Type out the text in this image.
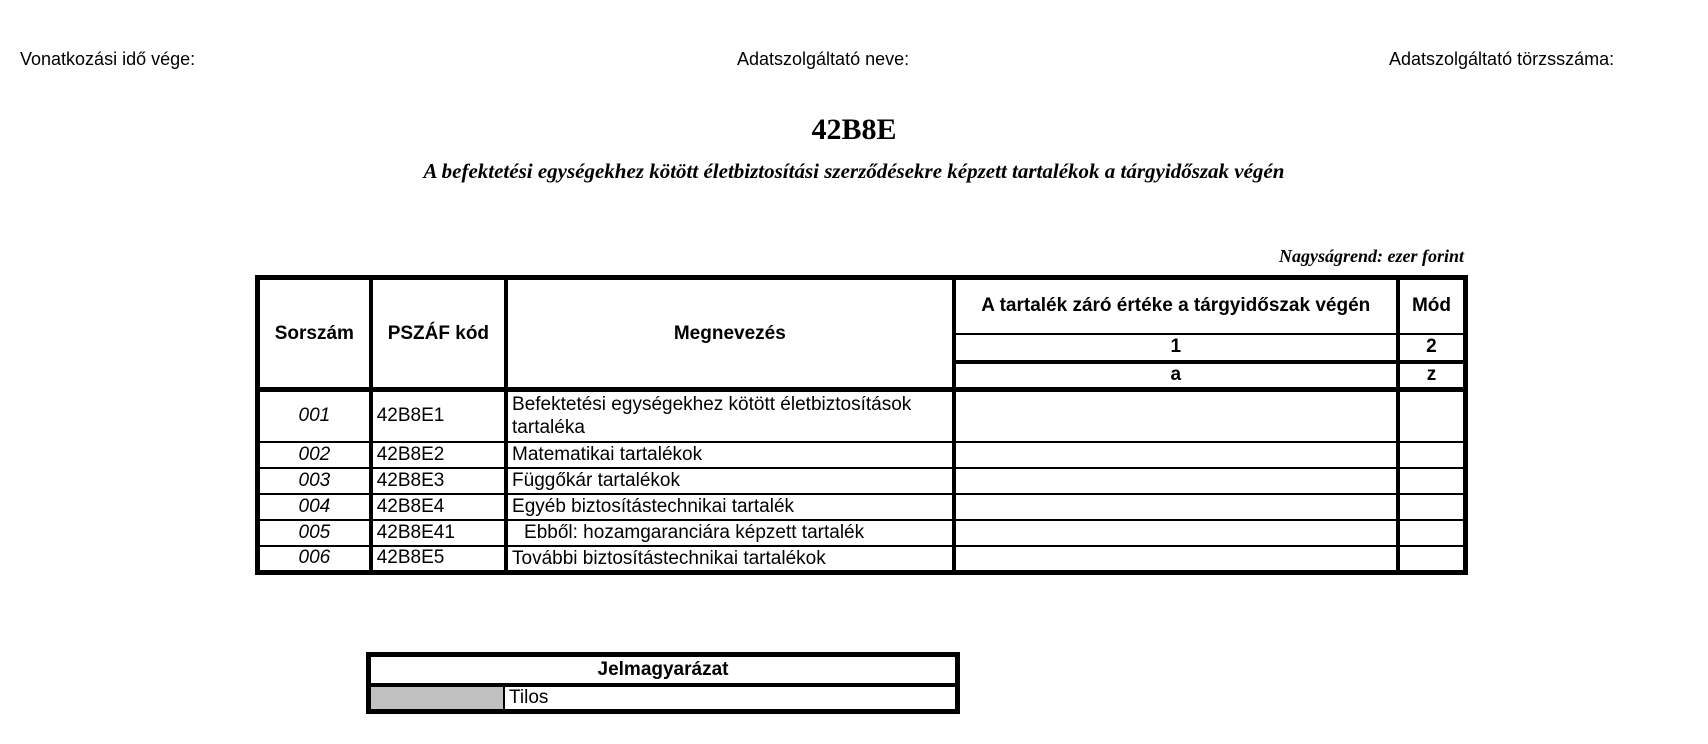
Vonatkozási idő vége:	Adatszolgáltató neve:	Adatszolgáltató törzsszáma:
42B8E
A befektetési egységekhez kötött életbiztosítási szerződésekre képzett tartalékok a tárgyidőszak végén
Nagyságrend: ezer forint
Sorszám	PSZÁF kód	Megnevezés	A tartalék záró értéke a tárgyidőszak végén	Mód
			1	2
			a	z
001	42B8E1	Befektetési egységekhez kötött életbiztosítások tartaléka		
002	42B8E2	Matematikai tartalékok		
003	42B8E3	Függőkár tartalékok		
004	42B8E4	Egyéb biztosítástechnikai tartalék		
005	42B8E41	Ebből: hozamgaranciára képzett tartalék		
006	42B8E5	További biztosítástechnikai tartalékok		
Jelmagyarázat
	Tilos
